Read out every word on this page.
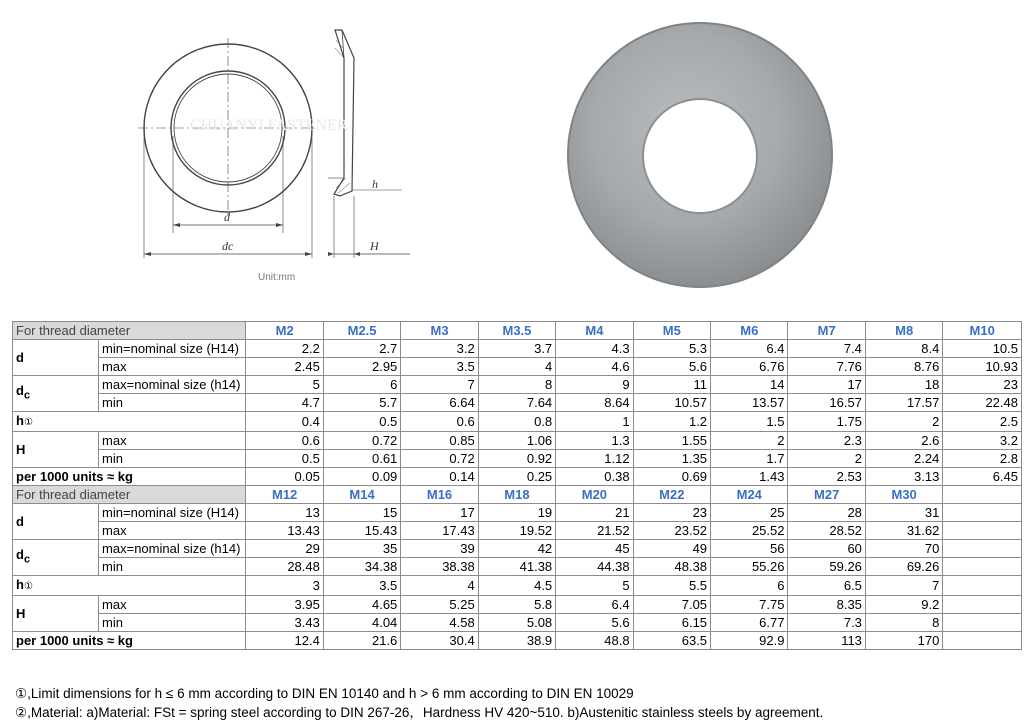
d
dc
h
H
CHUANYI FASTENER
Unit:mm
For thread diameter		M2	M2.5	M3	M3.5	M4	M5	M6	M7	M8	M10
d	min=nominal size (H14)	2.2	2.7	3.2	3.7	4.3	5.3	6.4	7.4	8.4	10.5
	max	2.45	2.95	3.5	4	4.6	5.6	6.76	7.76	8.76	10.93
$d_c$	max=nominal size (h14)	5	6	7	8	9	11	14	17	18	23
	min	4.7	5.7	6.64	7.64	8.64	10.57	13.57	16.57	17.57	22.48
h①		0.4	0.5	0.6	0.8	1	1.2	1.5	1.75	2	2.5
H	max	0.6	0.72	0.85	1.06	1.3	1.55	2	2.3	2.6	3.2
	min	0.5	0.61	0.72	0.92	1.12	1.35	1.7	2	2.24	2.8
per 1000 units ≈ kg		0.05	0.09	0.14	0.25	0.38	0.69	1.43	2.53	3.13	6.45
For thread diameter		M12	M14	M16	M18	M20	M22	M24	M27	M30	
d	min=nominal size (H14)	13	15	17	19	21	23	25	28	31	
	max	13.43	15.43	17.43	19.52	21.52	23.52	25.52	28.52	31.62	
$d_c$	max=nominal size (h14)	29	35	39	42	45	49	56	60	70	
	min	28.48	34.38	38.38	41.38	44.38	48.38	55.26	59.26	69.26	
h①		3	3.5	4	4.5	5	5.5	6	6.5	7	
H	max	3.95	4.65	5.25	5.8	6.4	7.05	7.75	8.35	9.2	
	min	3.43	4.04	4.58	5.08	5.6	6.15	6.77	7.3	8	
per 1000 units ≈ kg		12.4	21.6	30.4	38.9	48.8	63.5	92.9	113	170	
①,Limit dimensions for h ≤ 6 mm according to DIN EN 10140 and h > 6 mm according to DIN EN 10029
②,Material: a)Material: FSt = spring steel according to DIN 267-26，Hardness HV 420~510. b)Austenitic stainless steels by agreement.
